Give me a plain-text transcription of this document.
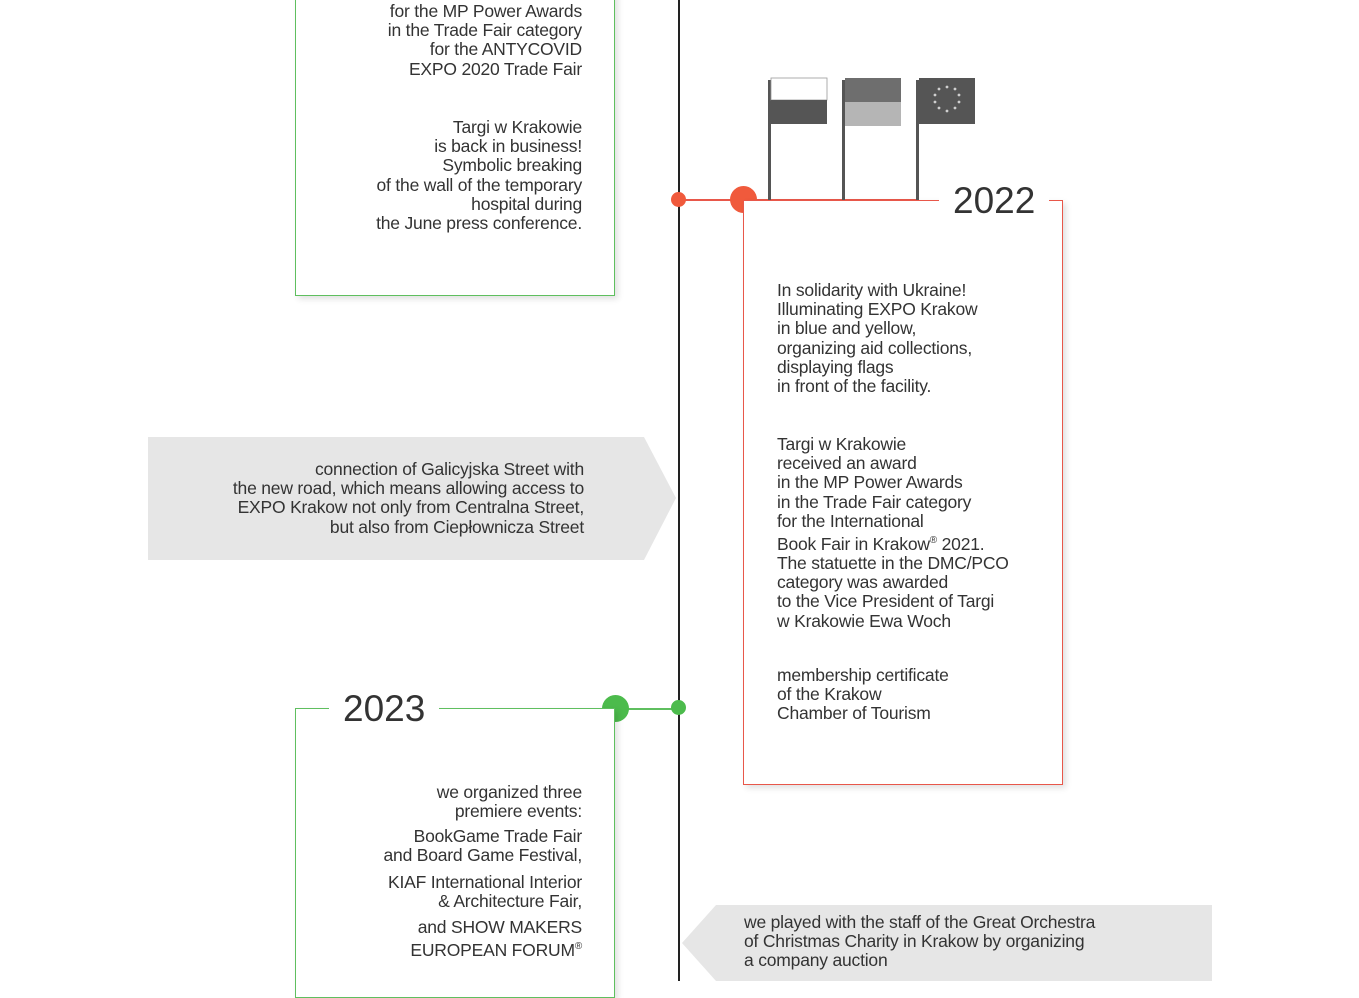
for the MP Power Awards
in the Trade Fair category
for the ANTYCOVID
EXPO 2020 Trade Fair
Targi w Krakowie
is back in business!
Symbolic breaking
of the wall of the temporary
hospital during
the June press conference.
In solidarity with Ukraine!
Illuminating EXPO Krakow
in blue and yellow,
organizing aid collections,
displaying flags
in front of the facility.
Targi w Krakowie
received an award
in the MP Power Awards
in the Trade Fair category
for the International
Book Fair in Krakow® 2021.
The statuette in the DMC/PCO
category was awarded
to the Vice President of Targi
w Krakowie Ewa Woch
membership certificate
of the Krakow
Chamber of Tourism
2022
connection of Galicyjska Street with
the new road, which means allowing access to
EXPO Krakow not only from Centralna Street,
but also from Ciepłownicza Street
we organized three
premiere events:
BookGame Trade Fair
and Board Game Festival,
KIAF International Interior
& Architecture Fair,
and SHOW MAKERS
EUROPEAN FORUM®
2023
we played with the staff of the Great Orchestra
of Christmas Charity in Krakow by organizing
a company auction
